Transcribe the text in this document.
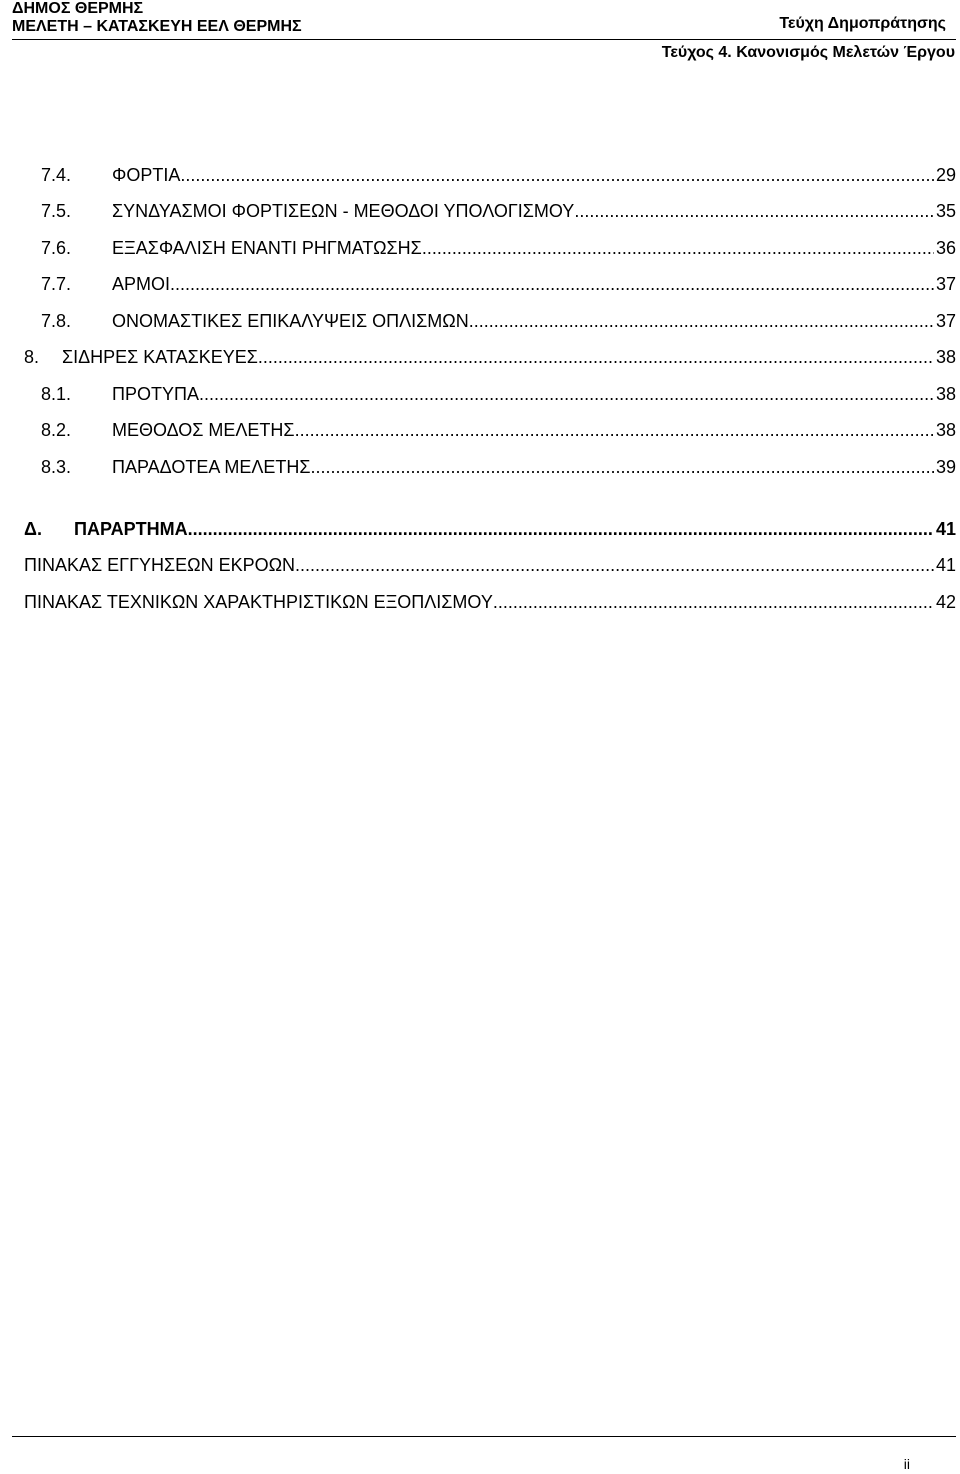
ΔΗΜΟΣ ΘΕΡΜΗΣ
ΜΕΛΕΤΗ – ΚΑΤΑΣΚΕΥΗ ΕΕΛ ΘΕΡΜΗΣ	Τεύχη Δημοπράτησης
Τεύχος 4. Κανονισμός Μελετών Έργου
7.4.	ΦΟΡΤΙΑ .....	29
7.5.	ΣΥΝΔΥΑΣΜΟΙ ΦΟΡΤΙΣΕΩΝ - ΜΕΘΟΔΟΙ ΥΠΟΛΟΓΙΣΜΟΥ .....	35
7.6.	ΕΞΑΣΦΑΛΙΣΗ ΕΝΑΝΤΙ ΡΗΓΜΑΤΩΣΗΣ .....	36
7.7.	ΑΡΜΟΙ .....	37
7.8.	ΟΝΟΜΑΣΤΙΚΕΣ ΕΠΙΚΑΛΥΨΕΙΣ ΟΠΛΙΣΜΩΝ .....	37
8.	ΣΙΔΗΡΕΣ ΚΑΤΑΣΚΕΥΕΣ .....	38
8.1.	ΠΡΟΤΥΠΑ .....	38
8.2.	ΜΕΘΟΔΟΣ ΜΕΛΕΤΗΣ .....	38
8.3.	ΠΑΡΑΔΟΤΕΑ ΜΕΛΕΤΗΣ .....	39
Δ.	ΠΑΡΑΡΤΗΜΑ .....	41
ΠΙΝΑΚΑΣ ΕΓΓΥΗΣΕΩΝ ΕΚΡΟΩΝ .....	41
ΠΙΝΑΚΑΣ ΤΕΧΝΙΚΩΝ ΧΑΡΑΚΤΗΡΙΣΤΙΚΩΝ ΕΞΟΠΛΙΣΜΟΥ .....	42
ii
